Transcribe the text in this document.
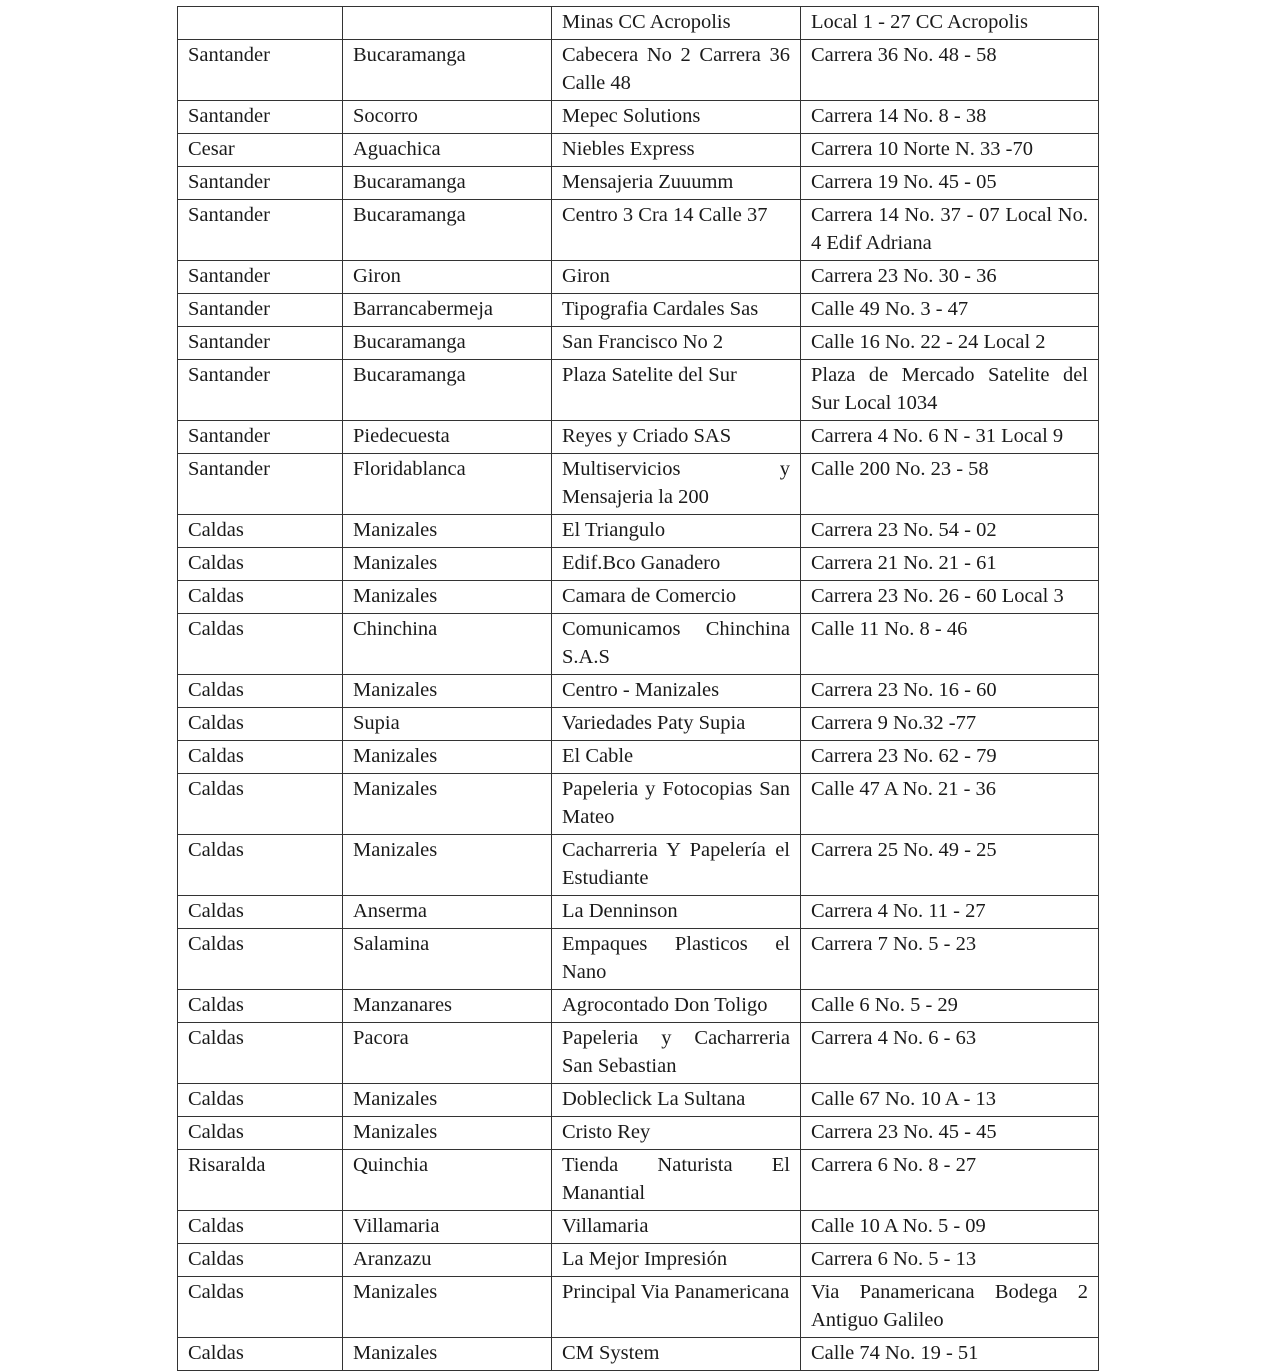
		Minas CC Acropolis	Local 1 - 27 CC Acropolis
Santander	Bucaramanga	Cabecera No 2 Carrera 36 Calle 48	Carrera 36 No. 48 - 58
Santander	Socorro	Mepec Solutions	Carrera 14 No. 8 - 38
Cesar	Aguachica	Niebles Express	Carrera 10 Norte N. 33 -70
Santander	Bucaramanga	Mensajeria Zuuumm	Carrera 19 No. 45 - 05
Santander	Bucaramanga	Centro 3 Cra 14 Calle 37	Carrera 14 No. 37 - 07 Local No. 4 Edif Adriana
Santander	Giron	Giron	Carrera 23 No. 30 - 36
Santander	Barrancabermeja	Tipografia Cardales Sas	Calle 49 No. 3 - 47
Santander	Bucaramanga	San Francisco No 2	Calle 16 No. 22 - 24 Local 2
Santander	Bucaramanga	Plaza Satelite del Sur	Plaza de Mercado Satelite del Sur Local 1034
Santander	Piedecuesta	Reyes y Criado SAS	Carrera 4 No. 6 N - 31 Local 9
Santander	Floridablanca	Multiservicios y Mensajeria la 200	Calle 200 No. 23 - 58
Caldas	Manizales	El Triangulo	Carrera 23 No. 54 - 02
Caldas	Manizales	Edif.Bco Ganadero	Carrera 21 No. 21 - 61
Caldas	Manizales	Camara de Comercio	Carrera 23 No. 26 - 60 Local 3
Caldas	Chinchina	Comunicamos Chinchina S.A.S	Calle 11 No. 8 - 46
Caldas	Manizales	Centro - Manizales	Carrera 23 No. 16 - 60
Caldas	Supia	Variedades Paty Supia	Carrera 9 No.32 -77
Caldas	Manizales	El Cable	Carrera 23 No. 62 - 79
Caldas	Manizales	Papeleria y Fotocopias San Mateo	Calle 47 A No. 21 - 36
Caldas	Manizales	Cacharreria Y Papelería el Estudiante	Carrera 25 No. 49 - 25
Caldas	Anserma	La Denninson	Carrera 4 No. 11 - 27
Caldas	Salamina	Empaques Plasticos el Nano	Carrera 7 No. 5 - 23
Caldas	Manzanares	Agrocontado Don Toligo	Calle 6 No. 5 - 29
Caldas	Pacora	Papeleria y Cacharreria San Sebastian	Carrera 4 No. 6 - 63
Caldas	Manizales	Dobleclick La Sultana	Calle 67 No. 10 A - 13
Caldas	Manizales	Cristo Rey	Carrera 23 No. 45 - 45
Risaralda	Quinchia	Tienda Naturista El Manantial	Carrera 6 No. 8 - 27
Caldas	Villamaria	Villamaria	Calle 10 A No. 5 - 09
Caldas	Aranzazu	La Mejor Impresión	Carrera 6 No. 5 - 13
Caldas	Manizales	Principal Via Panamericana	Via Panamericana Bodega 2 Antiguo Galileo
Caldas	Manizales	CM System	Calle 74 No. 19 - 51
